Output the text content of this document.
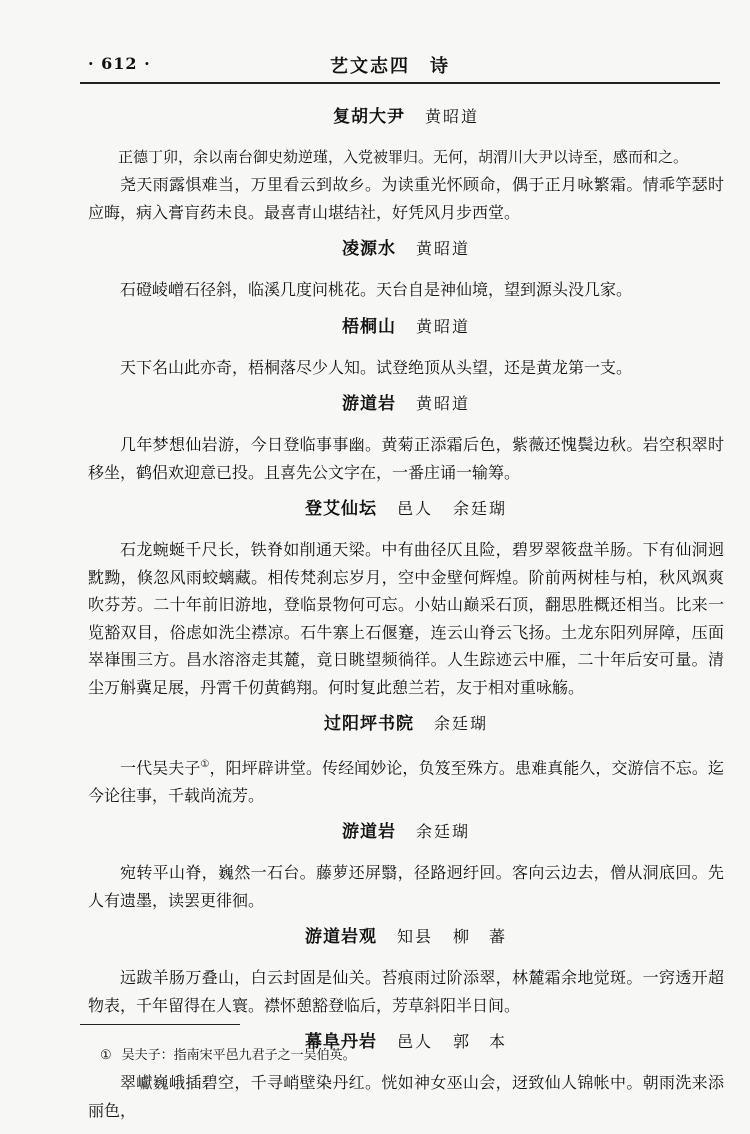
· 612 ·	艺文志四　诗
复胡大尹 黄昭道

正德丁卯，余以南台御史劾逆瑾，入党被罪归。无何，胡渭川大尹以诗至，感而和之。

尧天雨露惧难当，万里看云到故乡。为读重光怀顾命，偶于正月咏繁霜。情乖竽瑟时应晦，病入膏肓药未良。最喜青山堪结社，好凭风月步西堂。

凌源水 黄昭道

石磴崚嶒石径斜，临溪几度问桃花。天台自是神仙境，望到源头没几家。

梧桐山 黄昭道

天下名山此亦奇，梧桐落尽少人知。试登绝顶从头望，还是黄龙第一支。

游道岩 黄昭道

几年梦想仙岩游，今日登临事事幽。黄菊正添霜后色，紫薇还愧鬓边秋。岩空积翠时移坐，鹤侣欢迎意已投。且喜先公文字在，一番庄诵一输筹。

登艾仙坛 邑人 余廷瑚

石龙蜿蜒千尺长，铁脊如削通天梁。中有曲径仄且险，碧罗翠筱盘羊肠。下有仙洞迥黕黝，倏忽风雨蛟螭藏。相传梵刹忘岁月，空中金壁何辉煌。阶前两树桂与柏，秋风飒爽吹芬芳。二十年前旧游地，登临景物何可忘。小姑山巅采石顶，翻思胜概还相当。比来一览豁双目，俗虑如洗尘襟凉。石牛寨上石偃蹇，连云山脊云飞扬。土龙东阳列屏障，压面崒嵂围三方。昌水溶溶走其麓，竟日眺望频徜徉。人生踪迹云中雁，二十年后安可量。清尘万斛冀足展，丹霄千仞黄鹤翔。何时复此憩兰若，友于相对重咏觞。

过阳坪书院 余廷瑚

一代吴夫子①，阳坪辟讲堂。传经闻妙论，负笈至殊方。患难真能久，交游信不忘。迄今论往事，千载尚流芳。

游道岩 余廷瑚

宛转平山脊，巍然一石台。藤萝还屏翳，径路迥纡回。客向云边去，僧从洞底回。先人有遗墨，读罢更徘徊。

游道岩观 知县 柳　蕃

远跋羊肠万叠山，白云封固是仙关。苔痕雨过阶添翠，林麓霜余地觉斑。一窍透开超物表，千年留得在人寰。襟怀憩豁登临后，芳草斜阳半日间。

幕阜丹岩 邑人 郭　本

翠巘巍峨插碧空，千寻峭壁染丹红。恍如神女巫山会，迓致仙人锦帐中。朝雨洗来添丽色，

① 吴夫子：指南宋平邑九君子之一吴伯英。
